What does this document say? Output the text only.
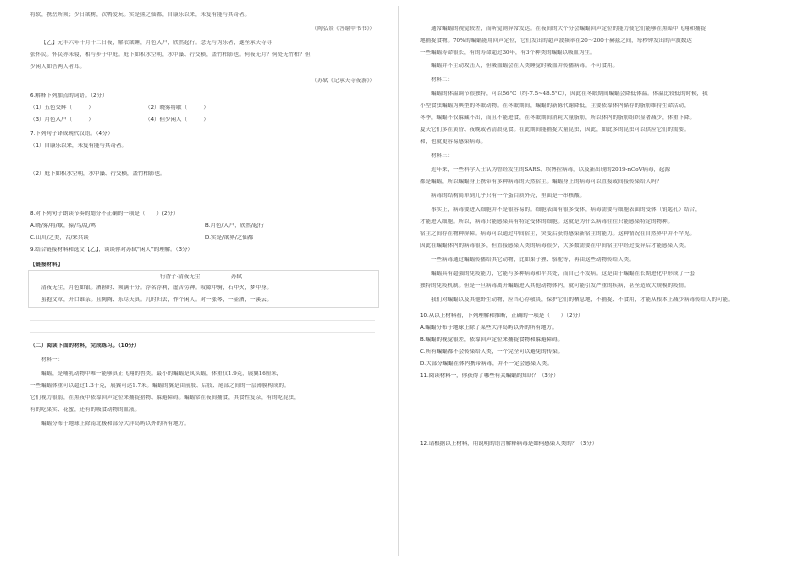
将软，携岳所须；少日欲树，次鸭爱玩。实是熊之仙都，自康乐以来，未复有能与其奇者。
（陶弘景《答谢中书书》）
【乙】元丰六年十月十二日夜，解衣欲睡，月色入户，欣然起行。念无与为乐者，遂至承天寺寻
张怀民。怀民亦未寝，相与步于中庭。庭下如积水空明，水中藻、荇交横，盖竹柏影也。何夜无月？何处无竹柏？但
少闲人如吾两人者耳。
（苏轼《记承天寺夜游》）
6.解释下列加点的词语。（2分）
（1）五色交辉（　　　）	（2）晓雾将歇（　　　）
（3）月色入户（　　　）	（4）但少闲人（　　　）
7.下列句子译成现代汉语。（4分）
（1）自康乐以来，未复有能与其奇者。
（2）庭下如积水空明，水中藻、荇交横，盖竹柏影也。
8.对下列句子朗读节奏的划分不正确的一项是（　　）(2分）
A.晓/雾/将/歇，猿/鸟/乱/鸣	B.月色/入户，欣然/起行
C.山川/之美，古/来共谈	D.实是/欲界/之仙都
9.结合链接材料和选文【乙】，谈谈你对苏轼“闲人”的理解。（3分）
【链接材料】
行香子·清夜无尘	苏轼
清夜无尘，月色如银。酒斟时、须满十分。浮名浮利，虚苦劳神。叹隙中驹，石中火，梦中身。
虽抱文章，开口谁亲。且陶陶、乐尽天真。几时归去，作个闲人。对一张琴，一壶酒，一溪云。
（二）阅读下面的材料，完成练习。（10分）
材料一：
蝙蝠，是哺乳动物中唯一能够真正飞翔的兽类。最小的蝙蝠是凤头蝠，体重仅1.9克，展翼16厘米，
一些蝙蝠体重可以超过1.3千克，展翼可达1.7米。蝙蝠的翼是由前肢、后肢、尾部之间的一层薄膜构成的。
它们视力很弱，在黑夜中依靠回声定位来捕捉猎物、躲避障碍。蝙蝠常在夜间捕食，其食性复杂，有的吃昆虫，
有的吃果实、花蜜，还有的吸食动物的血液。
蝙蝠分布于地球上除南北极和部分大洋岛屿以外的所有地方。
通常蝙蝠的视觉较差，而听觉则异常发达。在夜间的大个分会蝙蝠回声定位的能力使它们能够在黑暗中飞翔和捕捉
地捕捉食物。70%的蝙蝠能用回声定位，它们发出的超声波频率在20～200千赫兹之间，每秒钟发出的声波数达
一些蝙蝠寿命很长，有的寿命超过30年，有3个种类的蝙蝠以吸血为生。
蝙蝠并不主动攻击人，但吸血蝠会在人类睡觉时吸血并传播病毒。不可食用。
材料二：
蝙蝠的体温调节很独特，可以56°C（约-7.5~48.5°C），因此在冬眠期间蝙蝠会降低体温。体温比较低的时候，我
小型食虫蝙蝠为典型的冬眠动物。在冬眠期间，蝙蝠的新陈代谢降低，主要依靠体内储存的脂肪维持生命活动，
冬季，蝙蝠不仅躲藏不出，而且不能进食，在冬眠期间消耗大量脂肪，所以体内的脂肪组织显著减少，体重下降。
夏天它们多在黄昏、夜晚或者清晨觅食。在此期间能捕捉大量昆虫，因此，如此多的昆虫可以供应它们的需要。
和，也就更容易感染病毒。
材料三：
近年来，一些科学人士认为曾经发生的SARS、埃博拉病毒，以及新出现的2019-nCoV病毒，起源
都是蝙蝠，所以蝙蝠身上携带有多种病毒的天然宿主。蝙蝠身上的病毒可以直接或间接传染给人吗？
病毒的结构简单到几乎只有一个蛋白质外壳，里面是一串核酸。
事实上，病毒要进入细胞并不是很容易的。细胞表面有很多受体，病毒需要与细胞表面的受体（钥匙孔）结合，
才能进入细胞。所以，病毒只能感染具有特定受体的细胞。这就是为什么病毒往往只能感染特定的物种。
宿主之间存在物种屏障。病毒可以通过中间宿主，突变后获得感染新宿主的能力。这种情况在自然界中并不罕见。
因此在蝙蝠体内的病毒很多，但直接感染人类的病毒很少，大多数需要在中间宿主中经过变异后才能感染人类。
一些病毒通过蝙蝠传播给其它动物，比如果子狸、骆驼等，再由这些动物传给人类。
蝙蝠具有超强的免疫能力，它能与多种病毒和平共处，而自己不发病。这是由于蝙蝠在长期进化中形成了一套
独特的免疫机制。但是一旦病毒离开蝙蝠进入其他动物体内，就可能引发严重的疾病，甚至造成大规模的疫情。
我们对蝙蝠以及其他野生动物，应当心存敬畏，保护它们的栖息地，不捕捉、不食用，才能从根本上减少病毒传给人的可能。
10.从以上材料看，下列理解和推断，正确的一项是（　　）（2分）
A.蝙蝠分布于地球上除了某些大洋岛屿以外的所有地方。
B.蝙蝠的视觉很差，依靠回声定位来捕捉食物和躲避障碍。
C.所有蝙蝠都不会传染给人类，一个完全可以避免的传染。
D.大部分蝙蝠在体内携带病毒，并不一定会感染人类。
11.阅读材料一，你获得了哪些有关蝙蝠的知识？（3分）
12.请根据以上材料，用说明的语言解释病毒是如何感染人类的？（3分）
